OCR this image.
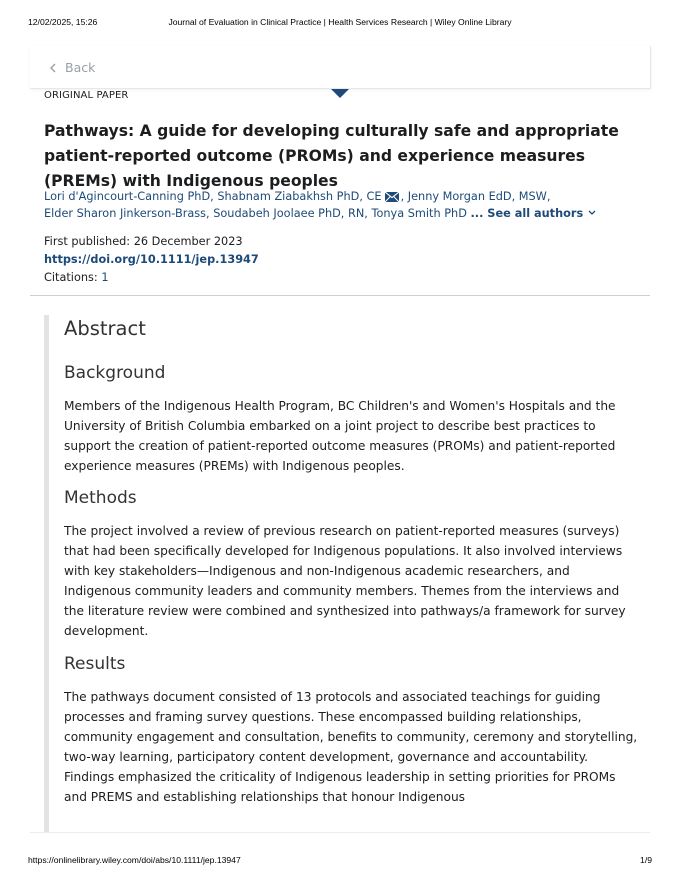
12/02/2025, 15:26	Journal of Evaluation in Clinical Practice | Health Services Research | Wiley Online Library
Back
ORIGINAL PAPER
Pathways: A guide for developing culturally safe and appropriate patient-reported outcome (PROMs) and experience measures (PREMs) with Indigenous peoples
Lori d'Agincourt-Canning PhD, Shabnam Ziabakhsh PhD, CE , Jenny Morgan EdD, MSW,
Elder Sharon Jinkerson-Brass, Soudabeh Joolaee PhD, RN, Tonya Smith PhD ... See all authors
First published: 26 December 2023
https://doi.org/10.1111/jep.13947
Citations: 1
Abstract
Background

Members of the Indigenous Health Program, BC Children's and Women's Hospitals and the University of British Columbia embarked on a joint project to describe best practices to support the creation of patient-reported outcome measures (PROMs) and patient-reported experience measures (PREMs) with Indigenous peoples.

Methods

The project involved a review of previous research on patient-reported measures (surveys) that had been specifically developed for Indigenous populations. It also involved interviews with key stakeholders—Indigenous and non-Indigenous academic researchers, and Indigenous community leaders and community members. Themes from the interviews and the literature review were combined and synthesized into pathways/a framework for survey development.

Results

The pathways document consisted of 13 protocols and associated teachings for guiding processes and framing survey questions. These encompassed building relationships, community engagement and consultation, benefits to community, ceremony and storytelling, two-way learning, participatory content development, governance and accountability. Findings emphasized the criticality of Indigenous leadership in setting priorities for PROMs and PREMS and establishing relationships that honour Indigenous

https://onlinelibrary.wiley.com/doi/abs/10.1111/jep.13947	1/9
